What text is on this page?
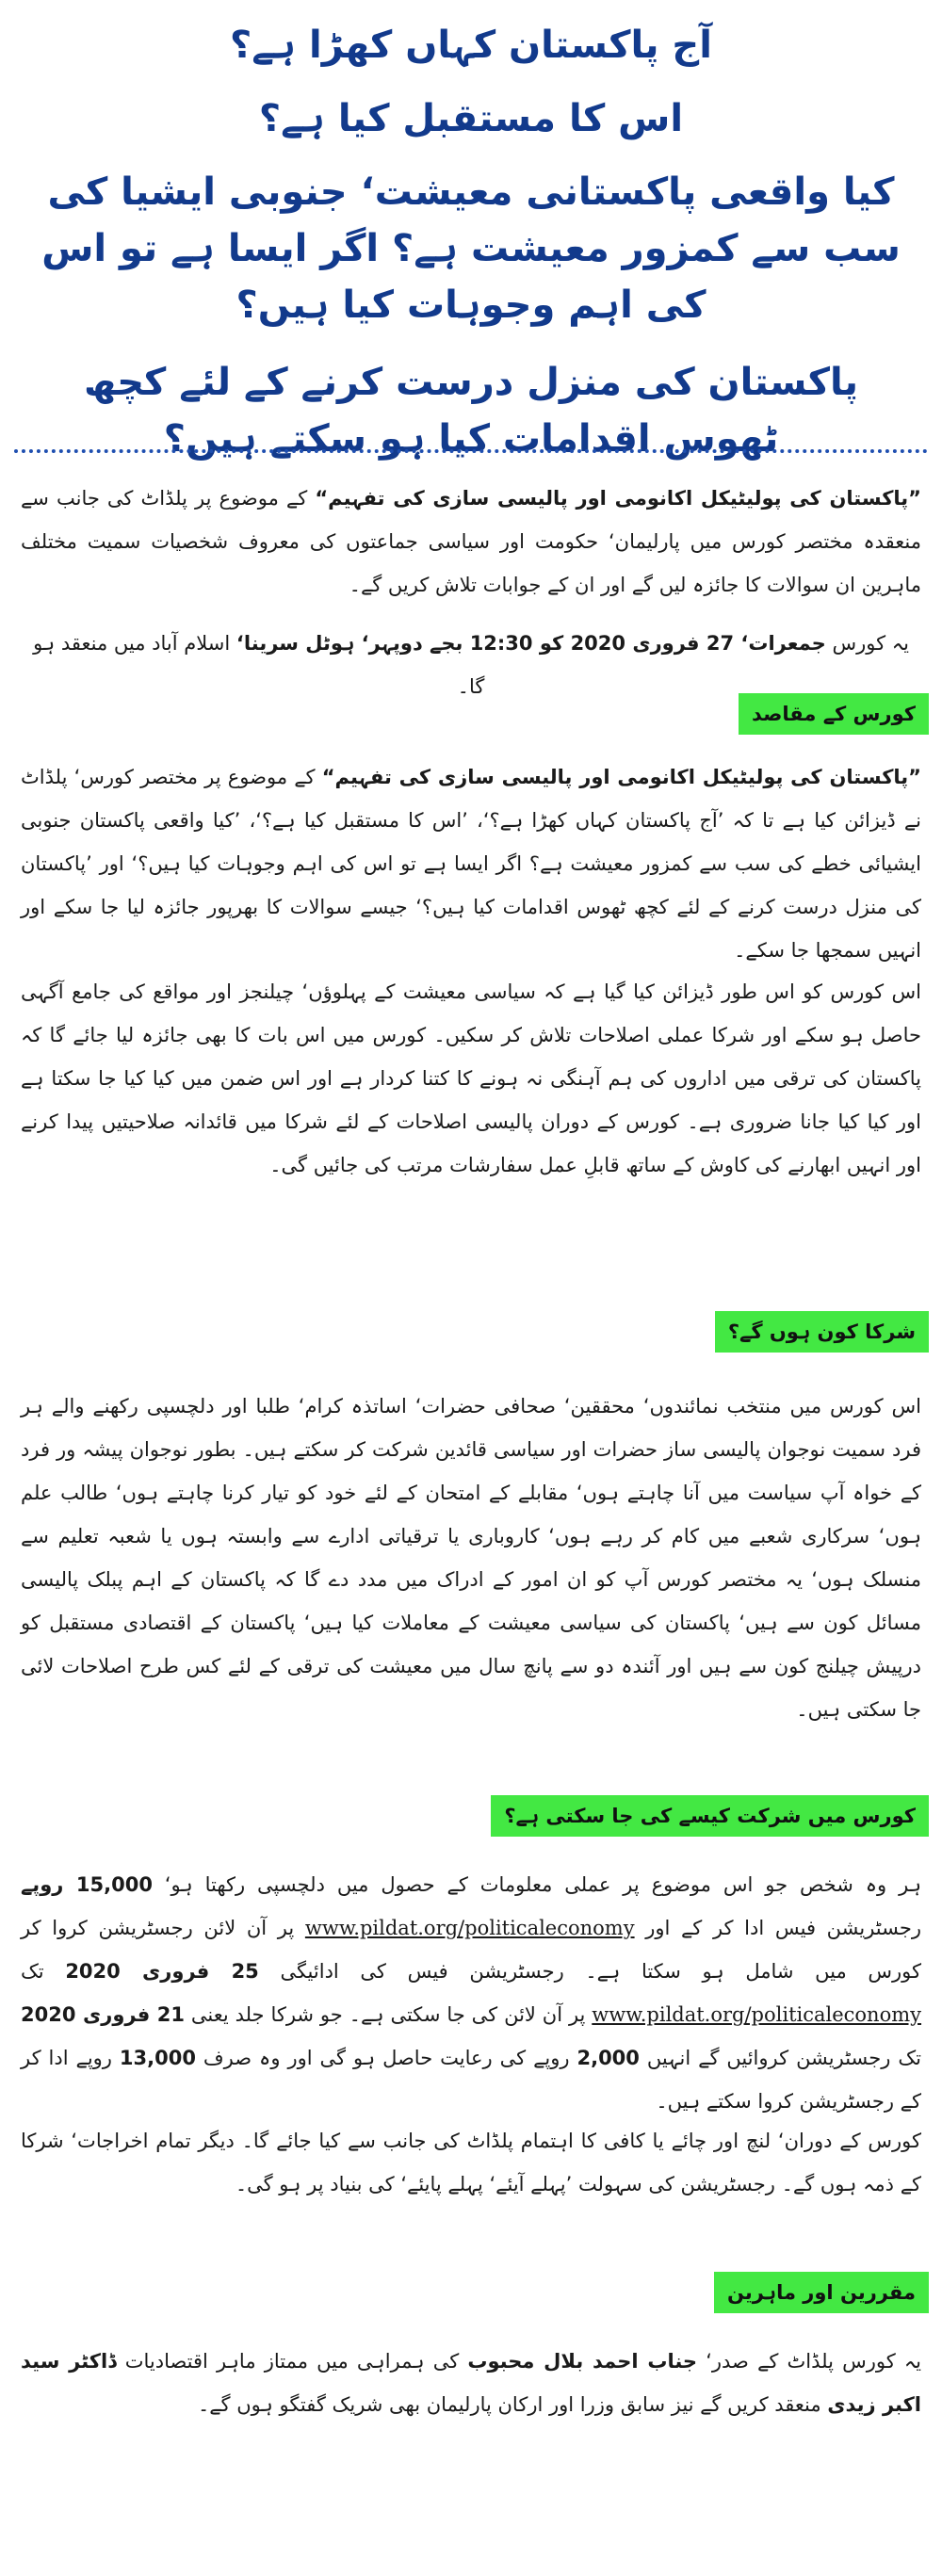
آج پاکستان کہاں کھڑا ہے؟

اس کا مستقبل کیا ہے؟

کیا واقعی پاکستانی معیشت‘ جنوبی ایشیا کی سب سے کمزور معیشت ہے؟ اگر ایسا ہے تو اس کی اہم وجوہات کیا ہیں؟

پاکستان کی منزل درست کرنے کے لئے کچھ ٹھوس اقدامات کیا ہو سکتے ہیں؟

”پاکستان کی پولیٹیکل اکانومی اور پالیسی سازی کی تفہیم“ کے موضوع پر پلڈاٹ کی جانب سے منعقدہ مختصر کورس میں پارلیمان‘ حکومت اور سیاسی جماعتوں کی معروف شخصیات سمیت مختلف ماہرین ان سوالات کا جائزہ لیں گے اور ان کے جوابات تلاش کریں گے۔

یہ کورس جمعرات‘ 27 فروری 2020 کو 12:30 بجے دوپہر‘ ہوٹل سرینا‘ اسلام آباد میں منعقد ہو گا۔

کورس کے مقاصد

”پاکستان کی پولیٹیکل اکانومی اور پالیسی سازی کی تفہیم“ کے موضوع پر مختصر کورس‘ پلڈاٹ نے ڈیزائن کیا ہے تا کہ ’آج پاکستان کہاں کھڑا ہے؟‘، ’اس کا مستقبل کیا ہے؟‘، ’کیا واقعی پاکستان جنوبی ایشیائی خطے کی سب سے کمزور معیشت ہے؟ اگر ایسا ہے تو اس کی اہم وجوہات کیا ہیں؟‘ اور ’پاکستان کی منزل درست کرنے کے لئے کچھ ٹھوس اقدامات کیا ہیں؟‘ جیسے سوالات کا بھرپور جائزہ لیا جا سکے اور انہیں سمجھا جا سکے۔

اس کورس کو اس طور ڈیزائن کیا گیا ہے کہ سیاسی معیشت کے پہلوؤں‘ چیلنجز اور مواقع کی جامع آگہی حاصل ہو سکے اور شرکا عملی اصلاحات تلاش کر سکیں۔ کورس میں اس بات کا بھی جائزہ لیا جائے گا کہ پاکستان کی ترقی میں اداروں کی ہم آہنگی نہ ہونے کا کتنا کردار ہے اور اس ضمن میں کیا کیا جا سکتا ہے اور کیا کیا جانا ضروری ہے۔ کورس کے دوران پالیسی اصلاحات کے لئے شرکا میں قائدانہ صلاحیتیں پیدا کرنے اور انہیں ابھارنے کی کاوش کے ساتھ قابلِ عمل سفارشات مرتب کی جائیں گی۔

شرکا کون ہوں گے؟

اس کورس میں منتخب نمائندوں‘ محققین‘ صحافی حضرات‘ اساتذہ کرام‘ طلبا اور دلچسپی رکھنے والے ہر فرد سمیت نوجوان پالیسی ساز حضرات اور سیاسی قائدین شرکت کر سکتے ہیں۔ بطور نوجوان پیشہ ور فرد کے خواہ آپ سیاست میں آنا چاہتے ہوں‘ مقابلے کے امتحان کے لئے خود کو تیار کرنا چاہتے ہوں‘ طالب علم ہوں‘ سرکاری شعبے میں کام کر رہے ہوں‘ کاروباری یا ترقیاتی ادارے سے وابستہ ہوں یا شعبہ تعلیم سے منسلک ہوں‘ یہ مختصر کورس آپ کو ان امور کے ادراک میں مدد دے گا کہ پاکستان کے اہم پبلک پالیسی مسائل کون سے ہیں‘ پاکستان کی سیاسی معیشت کے معاملات کیا ہیں‘ پاکستان کے اقتصادی مستقبل کو درپیش چیلنج کون سے ہیں اور آئندہ دو سے پانچ سال میں معیشت کی ترقی کے لئے کس طرح اصلاحات لائی جا سکتی ہیں۔

کورس میں شرکت کیسے کی جا سکتی ہے؟

ہر وہ شخص جو اس موضوع پر عملی معلومات کے حصول میں دلچسپی رکھتا ہو‘ 15,000 روپے رجسٹریشن فیس ادا کر کے اور www.pildat.org/politicaleconomy پر آن لائن رجسٹریشن کروا کر کورس میں شامل ہو سکتا ہے۔ رجسٹریشن فیس کی ادائیگی 25 فروری 2020 تک www.pildat.org/politicaleconomy پر آن لائن کی جا سکتی ہے۔ جو شرکا جلد یعنی 21 فروری 2020 تک رجسٹریشن کروائیں گے انہیں 2,000 روپے کی رعایت حاصل ہو گی اور وہ صرف 13,000 روپے ادا کر کے رجسٹریشن کروا سکتے ہیں۔

کورس کے دوران‘ لنچ اور چائے یا کافی کا اہتمام پلڈاٹ کی جانب سے کیا جائے گا۔ دیگر تمام اخراجات‘ شرکا کے ذمہ ہوں گے۔ رجسٹریشن کی سہولت ’پہلے آیئے‘ پہلے پایئے‘ کی بنیاد پر ہو گی۔

مقررین اور ماہرین

یہ کورس پلڈاٹ کے صدر‘ جناب احمد بلال محبوب کی ہمراہی میں ممتاز ماہر اقتصادیات ڈاکٹر سید اکبر زیدی منعقد کریں گے نیز سابق وزرا اور ارکان پارلیمان بھی شریک گفتگو ہوں گے۔
